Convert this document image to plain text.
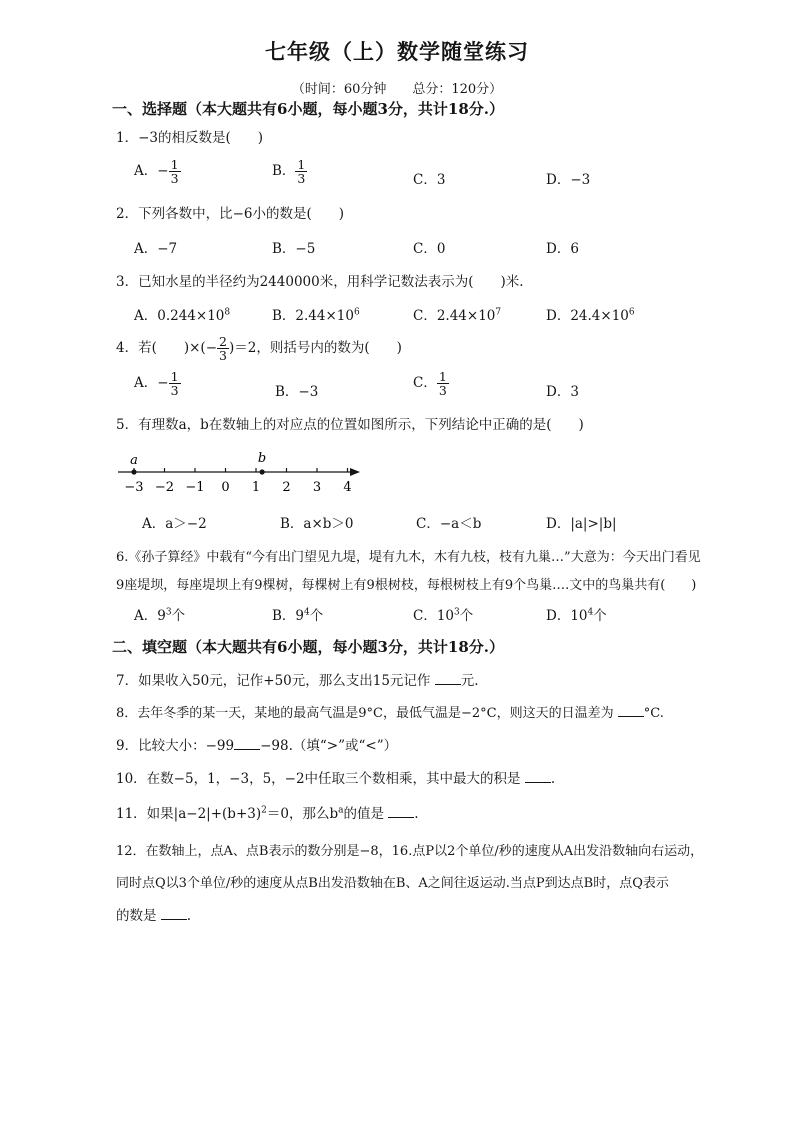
七年级（上）数学随堂练习
（时间：60分钟 总分：120分）
一、选择题（本大题共有6小题，每小题3分，共计18分.）
1．−3的相反数是(　　)
A．− $\frac{1}{3}$	B． $\frac{1}{3}$	C．3	D．−3
2．下列各数中，比−6小的数是(　　)
A．−7	B．−5	C．0	D．6
3．已知水星的半径约为2440000米，用科学记数法表示为(　　)米.
A．$0.244\times 10^8$	B．$2.44\times 10^6$	C．$2.44\times 10^7$	D．$24.4\times 10^6$
4．若(　　)×(− $\frac{2}{3} )=2$，则括号内的数为(　　)
A．− $\frac{1}{3}$	B．−3
C． $\frac{1}{3}$	D．3
5．有理数a，b在数轴上的对应点的位置如图所示，下列结论中正确的是(　　)
−3 −2 −1 0 1 2 3 4
a	b
A．a＞−2	B．a×b＞0	C．−a＜b	D．|a|>|b|
6.《孙子算经》中载有“今有出门望见九堤，堤有九木，木有九枝，枝有九巢…”大意为：今天出门看见
9座堤坝，每座堤坝上有9棵树，每棵树上有9根树枝，每根树枝上有9个鸟巢….文中的鸟巢共有(　　)
A．$9^3$个	B．$9^4$个	C．$10^3$个	D．$10^4$个
二、填空题（本大题共有6小题，每小题3分，共计18分.）
7．如果收入50元，记作+50元，那么支出15元记作 元.
8．去年冬季的某一天，某地的最高气温是9°C，最低气温是−2°C，则这天的日温差为 °C.
9．比较大小：−99 −98.（填“>”或“<”）
10．在数−5，1，−3，5，−2中任取三个数相乘，其中最大的积是 .
11．如果$|a-2|+(b+3)^2=0$，那么$b^a$的值是 .
12．在数轴上，点A、点B表示的数分别是−8，16.点P以2个单位/秒的速度从A出发沿数轴向右运动，
同时点Q以3个单位/秒的速度从点B出发沿数轴在B、A之间往返运动.当点P到达点B时，点Q表示
的数是 .
